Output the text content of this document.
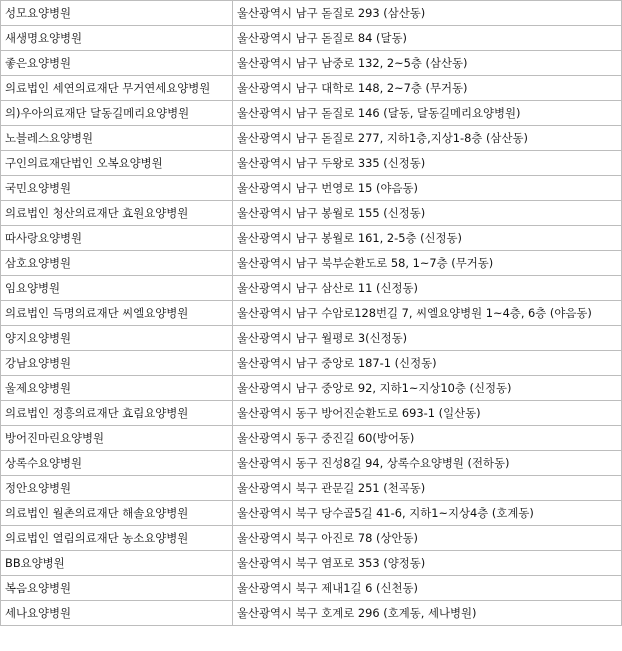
성모요양병원	울산광역시 남구 돋질로 293 (삼산동)
새생명요양병원	울산광역시 남구 돋질로 84 (달동)
좋은요양병원	울산광역시 남구 남중로 132, 2~5층 (삼산동)
의료법인 세연의료재단 무거연세요양병원	울산광역시 남구 대학로 148, 2~7층 (무거동)
의)우아의료재단 달동길메리요양병원	울산광역시 남구 돋질로 146 (달동, 달동길메리요양병원)
노블레스요양병원	울산광역시 남구 돋질로 277, 지하1층,지상1-8층 (삼산동)
구인의료재단법인 오복요양병원	울산광역시 남구 두왕로 335 (신정동)
국민요양병원	울산광역시 남구 번영로 15 (야음동)
의료법인 청산의료재단 효원요양병원	울산광역시 남구 봉월로 155 (신정동)
따사랑요양병원	울산광역시 남구 봉월로 161, 2-5층 (신정동)
삼호요양병원	울산광역시 남구 북부순환도로 58, 1~7층 (무거동)
임요양병원	울산광역시 남구 삼산로 11 (신정동)
의료법인 득명의료재단 씨엘요양병원	울산광역시 남구 수암로128번길 7, 씨엘요양병원 1~4층, 6층 (야음동)
양지요양병원	울산광역시 남구 월평로 3(신정동)
강남요양병원	울산광역시 남구 중앙로 187-1 (신정동)
울제요양병원	울산광역시 남구 중앙로 92, 지하1~지상10층 (신정동)
의료법인 정흥의료재단 효림요양병원	울산광역시 동구 방어진순환도로 693-1 (일산동)
방어진마린요양병원	울산광역시 동구 중진길 60(방어동)
상록수요양병원	울산광역시 동구 진성8길 94, 상록수요양병원 (전하동)
정안요양병원	울산광역시 북구 관문길 251 (천곡동)
의료법인 월촌의료재단 해솔요양병원	울산광역시 북구 당수골5길 41-6, 지하1~지상4층 (호계동)
의료법인 열림의료재단 농소요양병원	울산광역시 북구 아진로 78 (상안동)
BB요양병원	울산광역시 북구 염포로 353 (양정동)
복음요양병원	울산광역시 북구 제내1길 6 (신천동)
세나요양병원	울산광역시 북구 호계로 296 (호계동, 세나병원)
